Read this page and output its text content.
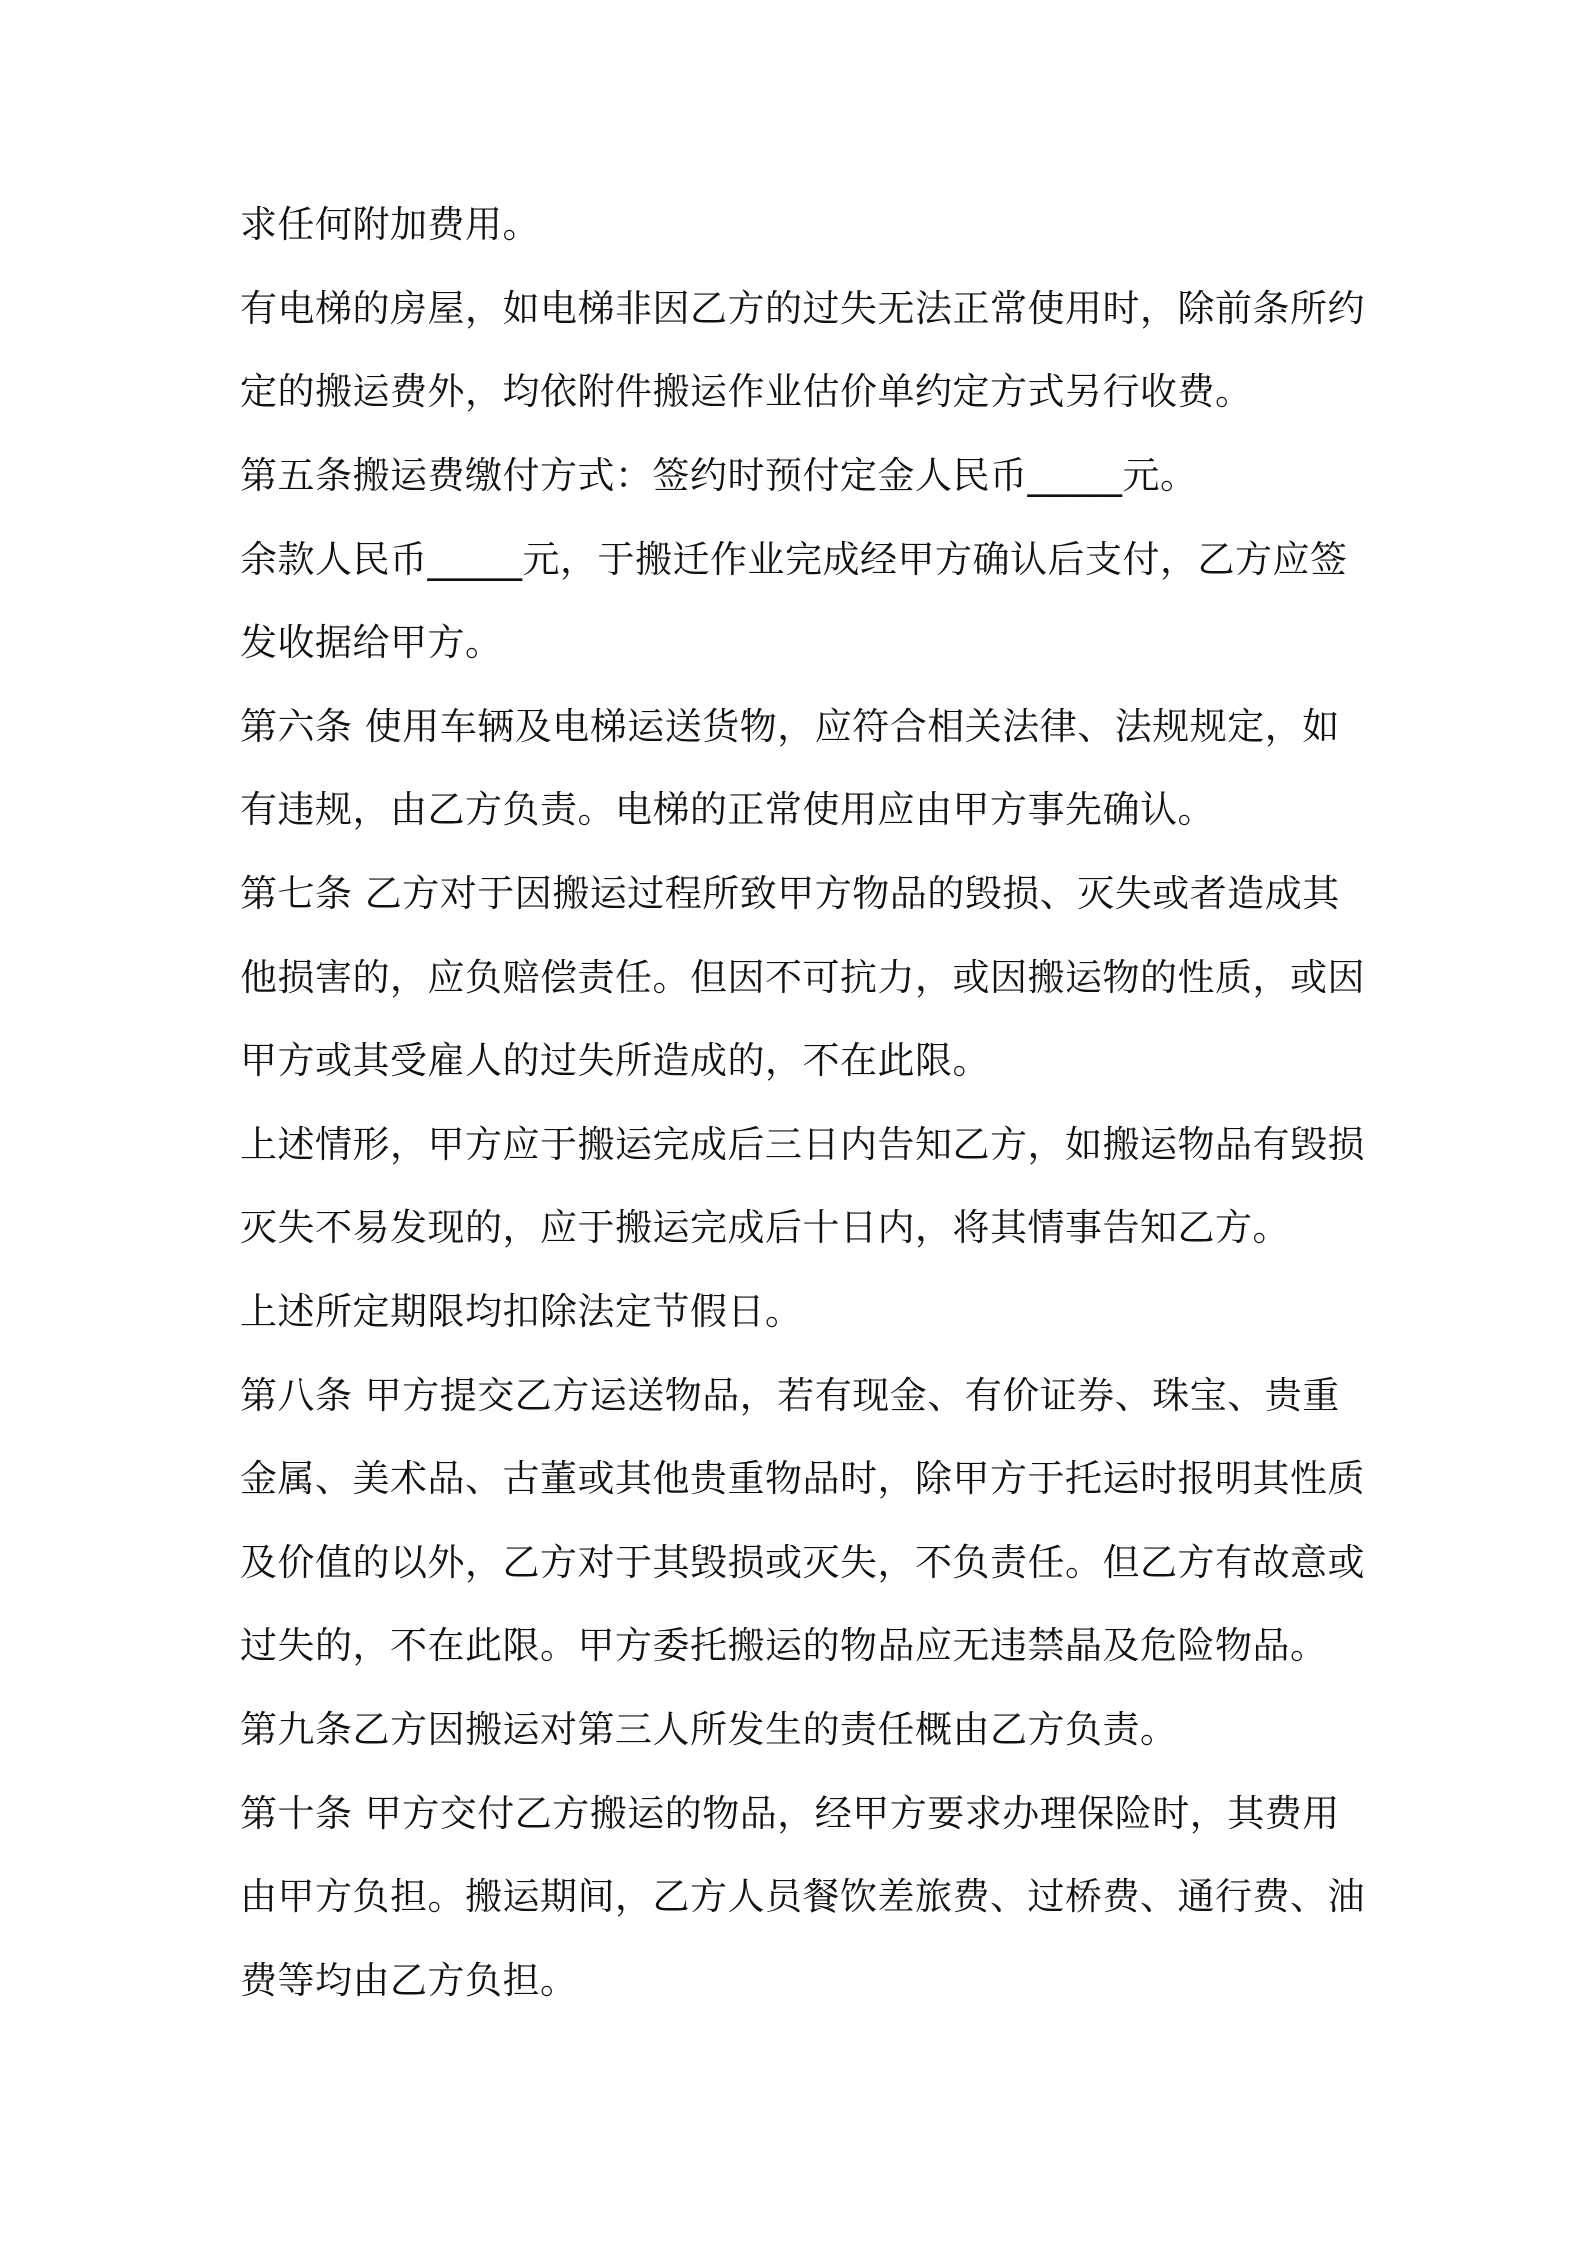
求任何附加费用。

有电梯的房屋，如电梯非因乙方的过失无法正常使用时，除前条所约

定的搬运费外，均依附件搬运作业估价单约定方式另行收费。

第五条搬运费缴付方式：签约时预付定金人民币_____元。

余款人民币_____元，于搬迁作业完成经甲方确认后支付，乙方应签

发收据给甲方。

第六条 使用车辆及电梯运送货物，应符合相关法律、法规规定，如

有违规，由乙方负责。电梯的正常使用应由甲方事先确认。

第七条 乙方对于因搬运过程所致甲方物品的毁损、灭失或者造成其

他损害的，应负赔偿责任。但因不可抗力，或因搬运物的性质，或因

甲方或其受雇人的过失所造成的，不在此限。

上述情形，甲方应于搬运完成后三日内告知乙方，如搬运物品有毁损

灭失不易发现的，应于搬运完成后十日内，将其情事告知乙方。

上述所定期限均扣除法定节假日。

第八条 甲方提交乙方运送物品，若有现金、有价证券、珠宝、贵重

金属、美术品、古董或其他贵重物品时，除甲方于托运时报明其性质

及价值的以外，乙方对于其毁损或灭失，不负责任。但乙方有故意或

过失的，不在此限。甲方委托搬运的物品应无违禁晶及危险物品。

第九条乙方因搬运对第三人所发生的责任概由乙方负责。

第十条 甲方交付乙方搬运的物品，经甲方要求办理保险时，其费用

由甲方负担。搬运期间，乙方人员餐饮差旅费、过桥费、通行费、油

费等均由乙方负担。
